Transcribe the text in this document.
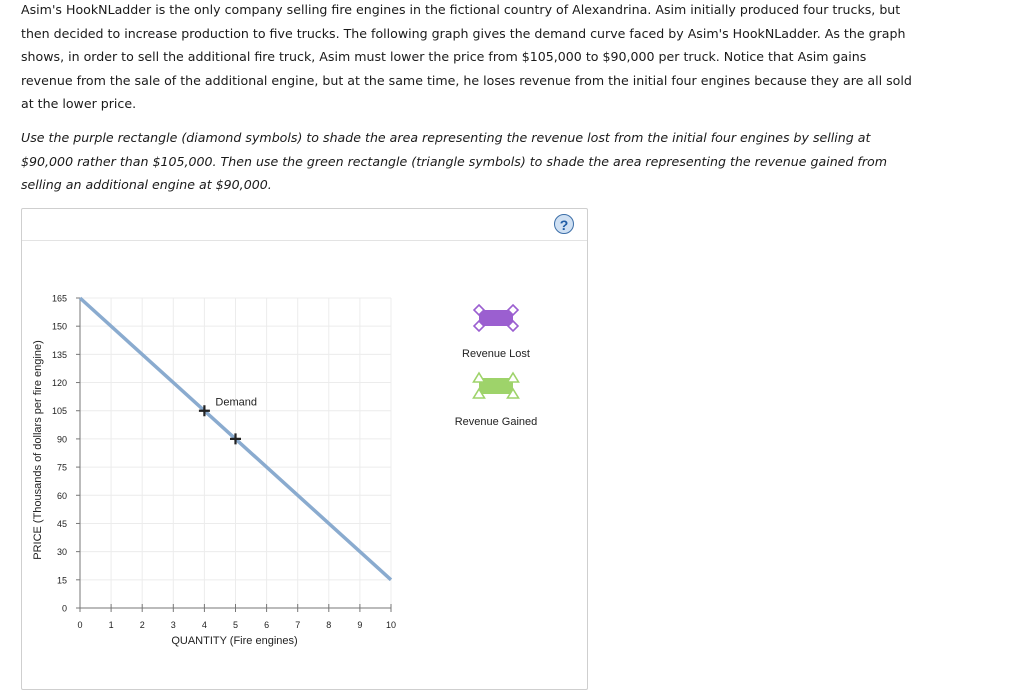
Asim's HookNLadder is the only company selling fire engines in the fictional country of Alexandrina. Asim initially produced four trucks, but then decided to increase production to five trucks. The following graph gives the demand curve faced by Asim's HookNLadder. As the graph shows, in order to sell the additional fire truck, Asim must lower the price from $105,000 to $90,000 per truck. Notice that Asim gains revenue from the sale of the additional engine, but at the same time, he loses revenue from the initial four engines because they are all sold at the lower price.

Use the purple rectangle (diamond symbols) to shade the area representing the revenue lost from the initial four engines by selling at $90,000 rather than $105,000. Then use the green rectangle (triangle symbols) to shade the area representing the revenue gained from selling an additional engine at $90,000.

?
0
15
30
45
60
75
90
105
120
135
150
165
0	1	2	3	4	5	6	7	8	9	10
QUANTITY (Fire engines)
PRICE (Thousands of dollars per fire engine)	Demand
Revenue Lost
Revenue Gained
